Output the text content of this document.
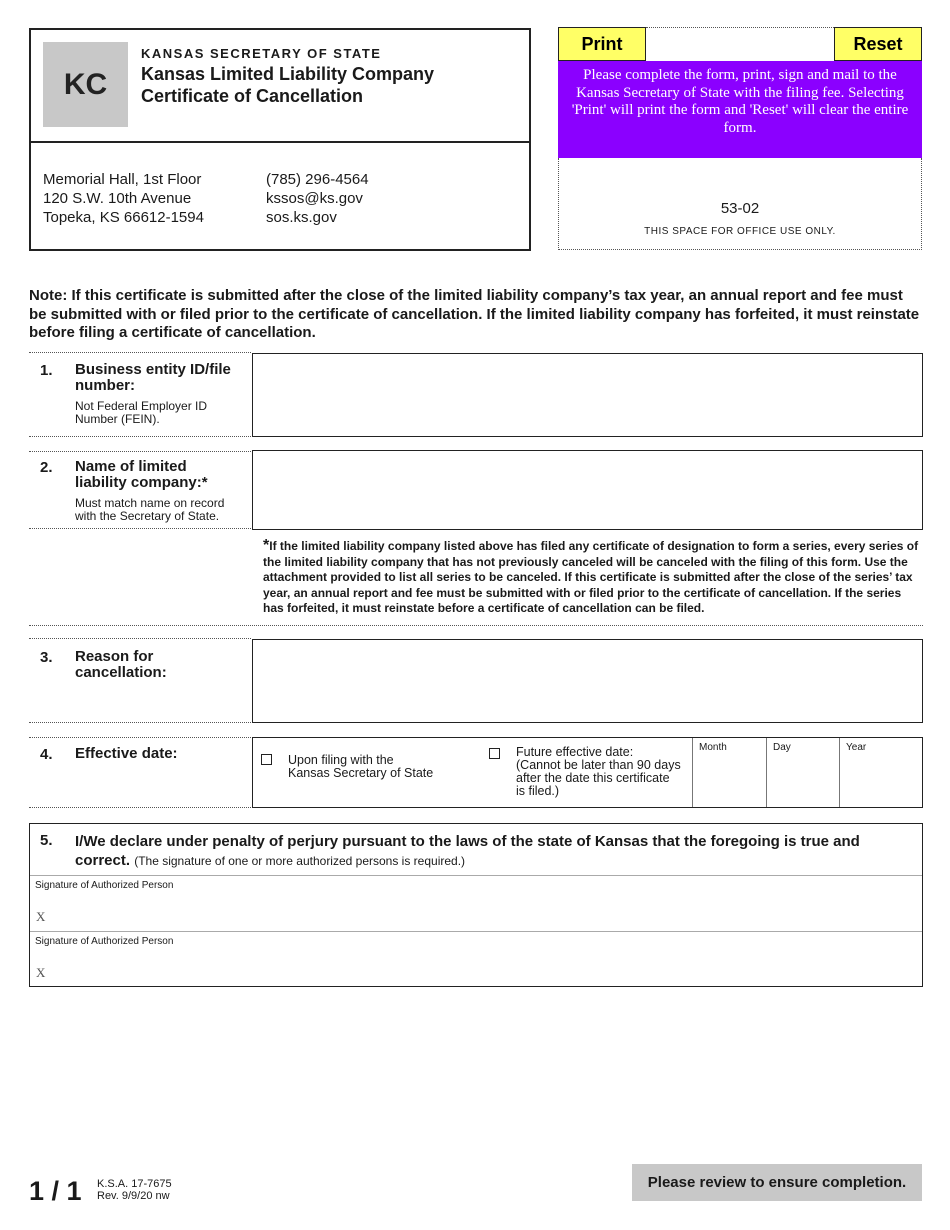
KC
KANSAS SECRETARY OF STATE
Kansas Limited Liability Company
Certificate of Cancellation
Memorial Hall, 1st Floor
120 S.W. 10th Avenue
Topeka, KS 66612-1594
(785) 296-4564
kssos@ks.gov
sos.ks.gov
Print	Reset
Please complete the form, print, sign and mail to the Kansas Secretary of State with the filing fee. Selecting 'Print' will print the form and 'Reset' will clear the entire form.
53-02
THIS SPACE FOR OFFICE USE ONLY.
Note: If this certificate is submitted after the close of the limited liability company’s tax year, an annual report and fee must be submitted with or filed prior to the certificate of cancellation. If the limited liability company has forfeited, it must reinstate before filing a certificate of cancellation.
1. Business entity ID/file
number:
Not Federal Employer ID
Number (FEIN).
2. Name of limited
liability company:*
Must match name on record
with the Secretary of State.
*If the limited liability company listed above has filed any certificate of designation to form a series, every series of the limited liability company that has not previously canceled will be canceled with the filing of this form. Use the attachment provided to list all series to be canceled. If this certificate is submitted after the close of the series’ tax year, an annual report and fee must be submitted with or filed prior to the certificate of cancellation. If the series has forfeited, it must reinstate before a certificate of cancellation can be filed.
3. Reason for
cancellation:
4. Effective date:	Upon filing with the
Kansas Secretary of State
Future effective date:
(Cannot be later than 90 days
after the date this certificate
is filed.)
Month	Day	Year
5. I/We declare under penalty of perjury pursuant to the laws of the state of Kansas that the foregoing is true and correct. (The signature of one or more authorized persons is required.)
Signature of Authorized Person
X
Signature of Authorized Person
X
1 / 1 K.S.A. 17-7675
Rev. 9/9/20 nw
Please review to ensure completion.
